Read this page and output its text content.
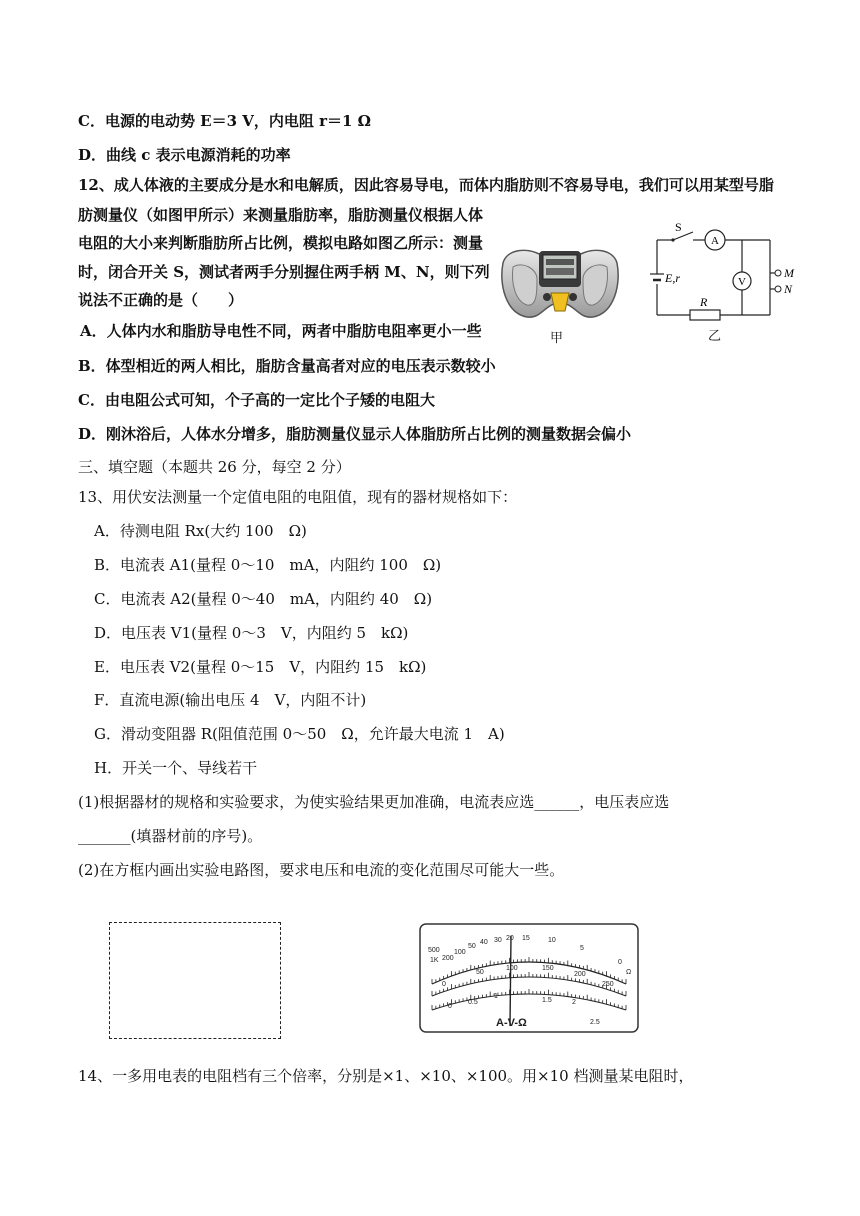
C．电源的电动势 E＝3 V，内电阻 r＝1 Ω
D．曲线 c 表示电源消耗的功率
12、成人体液的主要成分是水和电解质，因此容易导电，而体内脂肪则不容易导电，我们可以用某型号脂
肪测量仪（如图甲所示）来测量脂肪率，脂肪测量仪根据人体
电阻的大小来判断脂肪所占比例，模拟电路如图乙所示：测量
时，闭合开关 S，测试者两手分别握住两手柄 M、N，则下列
说法不正确的是（　　）
A．人体内水和脂肪导电性不同，两者中脂肪电阻率更小一些
B．体型相近的两人相比，脂肪含量高者对应的电压表示数较小
C．由电阻公式可知，个子高的一定比个子矮的电阻大
D．刚沐浴后，人体水分增多，脂肪测量仪显示人体脂肪所占比例的测量数据会偏小
甲
S
A
V
E,r
R
M
N
乙
三、填空题（本题共 26 分，每空 2 分）
13、用伏安法测量一个定值电阻的电阻值，现有的器材规格如下：
A．待测电阻 Rx(大约 100　Ω)
B．电流表 A1(量程 0～10　mA，内阻约 100　Ω)
C．电流表 A2(量程 0～40　mA，内阻约 40　Ω)
D．电压表 V1(量程 0～3　V，内阻约 5　kΩ)
E．电压表 V2(量程 0～15　V，内阻约 15　kΩ)
F．直流电源(输出电压 4　V，内阻不计)
G．滑动变阻器 R(阻值范围 0～50　Ω，允许最大电流 1　A)
H．开关一个、导线若干
(1)根据器材的规格和实验要求，为使实验结果更加准确，电流表应选______，电压表应选
_______(填器材前的序号)。
(2)在方框内画出实验电路图，要求电压和电流的变化范围尽可能大一些。
500
1K 200
100
50
40 30 20 15	10
5
0
Ω
0
50
100	150
200
250
0
0.5
1
1.5	2
2.5
A-V-Ω
14、一多用电表的电阻档有三个倍率，分别是×1、×10、×100。用×10 档测量某电阻时，
